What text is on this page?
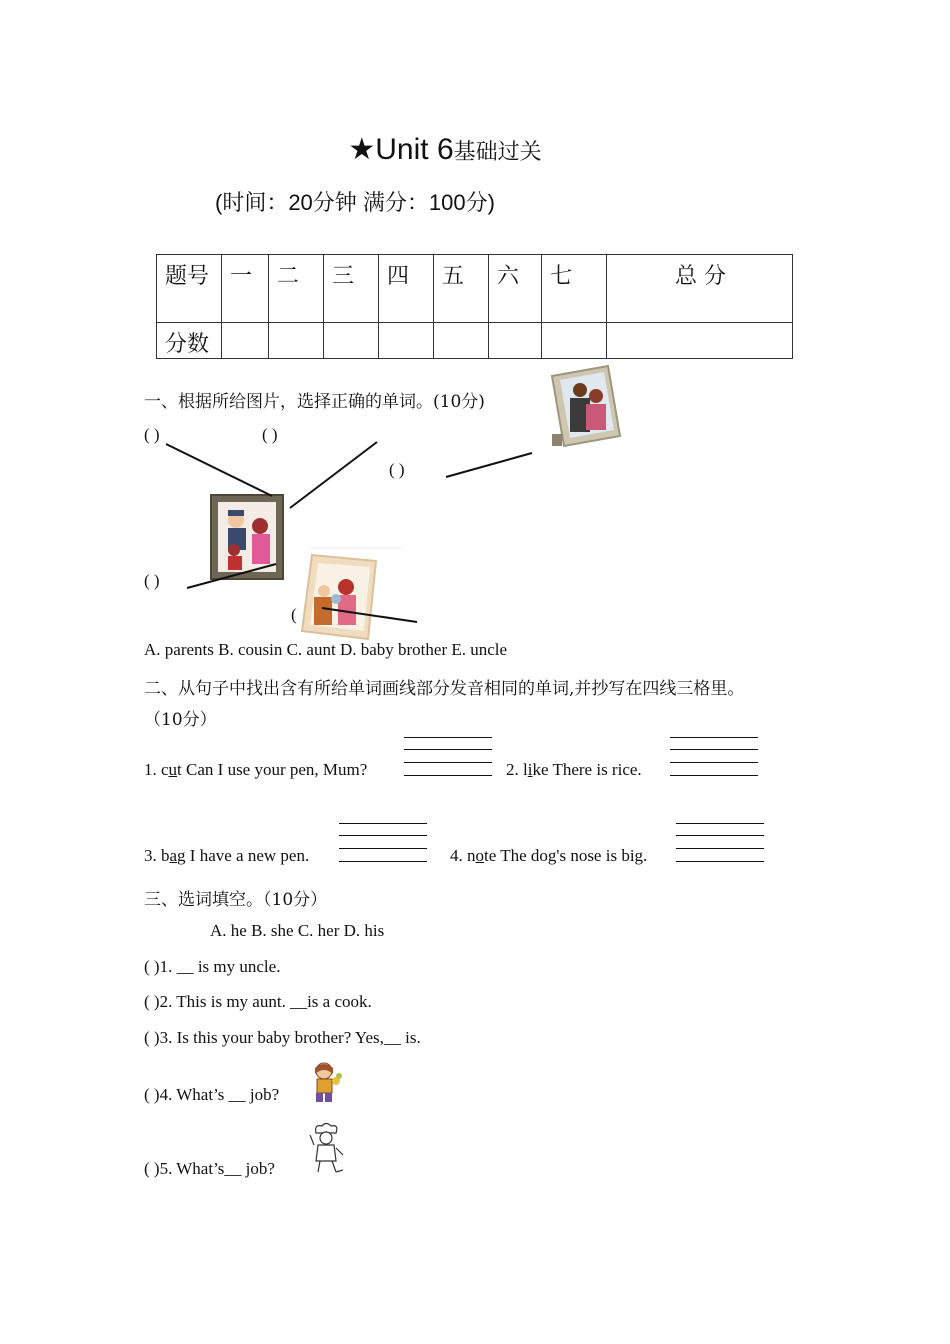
★Unit 6基础过关
(时间：20分钟 满分：100分)
题号	一	二	三	四	五	六	七	总 分
分数								
一、根据所给图片，选择正确的单词。(10分)
( )	( )
( )
( )
(
A. parents B. cousin C. aunt D. baby brother E. uncle
二、从句子中找出含有所给单词画线部分发音相同的单词,并抄写在四线三格里。
（10分）
1. cut Can I use your pen, Mum?	2. like There is rice.
3. bag I have a new pen.	4. note The dog's nose is big.
三、选词填空。（10分）
A. he B. she C. her D. his
( )1. __ is my uncle.
( )2. This is my aunt. __is a cook.
( )3. Is this your baby brother? Yes,__ is.
( )4. What’s __ job?
( )5. What’s__ job?
